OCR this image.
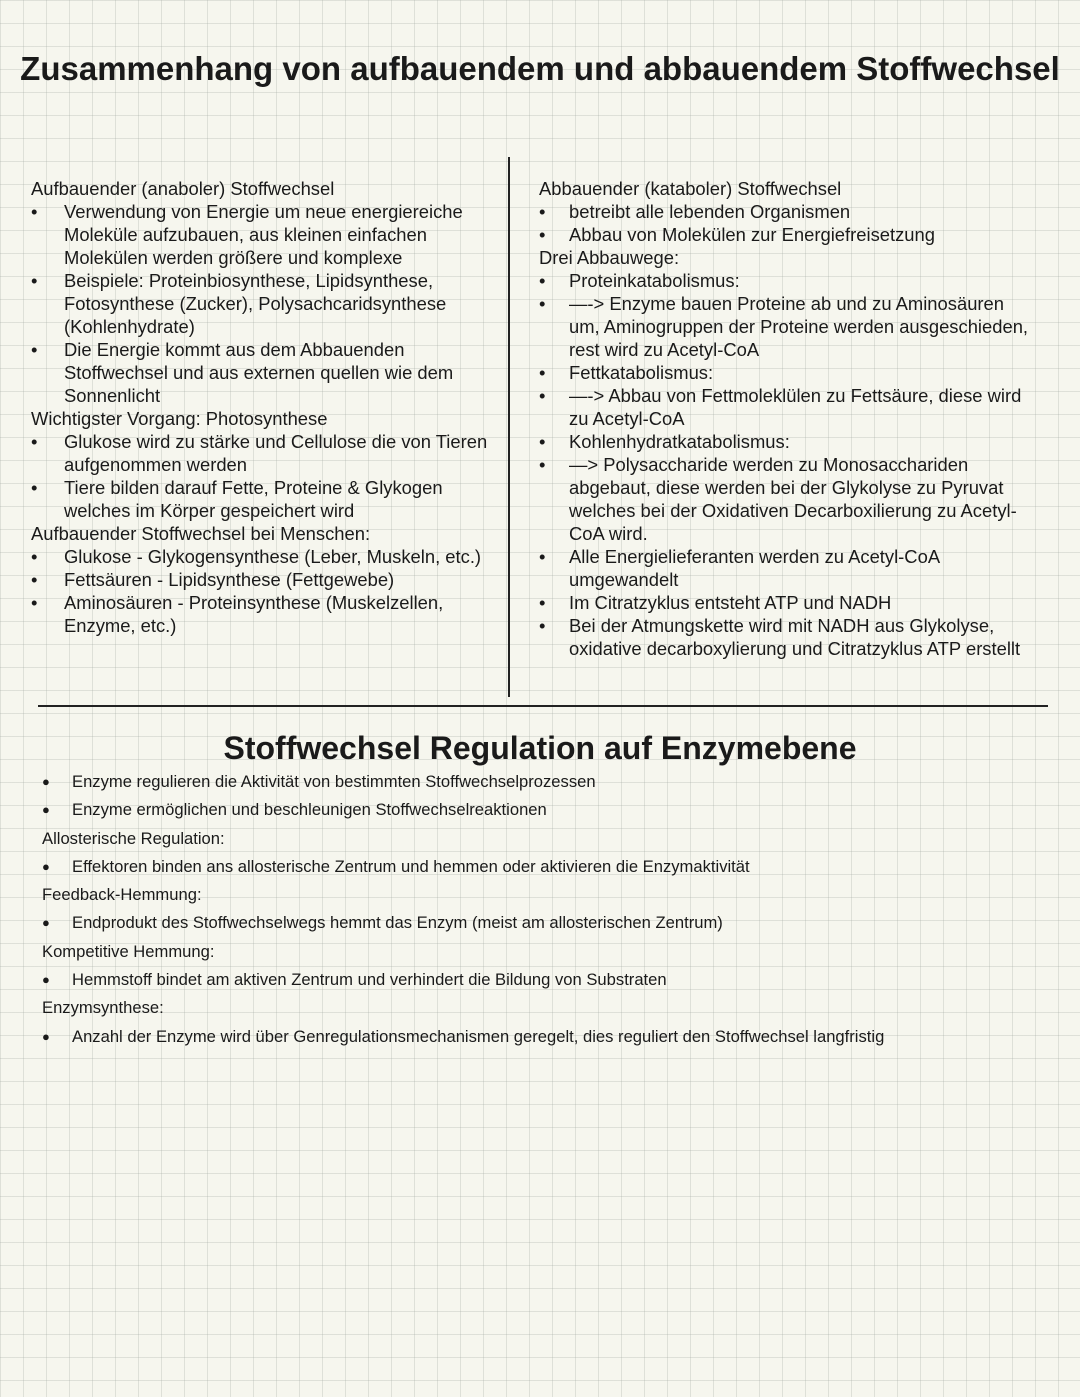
Zusammenhang von aufbauendem und abbauendem Stoffwechsel

Aufbauender (anaboler) Stoffwechsel

• Verwendung von Energie um neue energiereiche Moleküle aufzubauen, aus kleinen einfachen Molekülen werden größere und komplexe
• Beispiele: Proteinbiosynthese, Lipidsynthese, Fotosynthese (Zucker), Polysachcaridsynthese (Kohlenhydrate)
• Die Energie kommt aus dem Abbauenden Stoffwechsel und aus externen quellen wie dem Sonnenlicht

Wichtigster Vorgang: Photosynthese

• Glukose wird zu stärke und Cellulose die von Tieren aufgenommen werden
• Tiere bilden darauf Fette, Proteine & Glykogen welches im Körper gespeichert wird

Aufbauender Stoffwechsel bei Menschen:

• Glukose - Glykogensynthese (Leber, Muskeln, etc.)
• Fettsäuren - Lipidsynthese (Fettgewebe)
• Aminosäuren - Proteinsynthese (Muskelzellen, Enzyme, etc.)

Abbauender (kataboler) Stoffwechsel

• betreibt alle lebenden Organismen
• Abbau von Molekülen zur Energiefreisetzung

Drei Abbauwege:

• Proteinkatabolismus:
• —-> Enzyme bauen Proteine ab und zu Aminosäuren um, Aminogruppen der Proteine werden ausgeschieden, rest wird zu Acetyl-CoA
• Fettkatabolismus:
• —-> Abbau von Fettmoleklülen zu Fettsäure, diese wird zu Acetyl-CoA
• Kohlenhydratkatabolismus:
• —> Polysaccharide werden zu Monosacchariden abgebaut, diese werden bei der Glykolyse zu Pyruvat welches bei der Oxidativen Decarboxilierung zu Acetyl-CoA wird.
• Alle Energielieferanten werden zu Acetyl-CoA umgewandelt
• Im Citratzyklus entsteht ATP und NADH
• Bei der Atmungskette wird mit NADH aus Glykolyse, oxidative decarboxylierung und Citratzyklus ATP erstellt
Stoffwechsel Regulation auf Enzymebene

● Enzyme regulieren die Aktivität von bestimmten Stoffwechselprozessen

● Enzyme ermöglichen und beschleunigen Stoffwechselreaktionen

Allosterische Regulation:

● Effektoren binden ans allosterische Zentrum und hemmen oder aktivieren die Enzymaktivität

Feedback-Hemmung:

● Endprodukt des Stoffwechselwegs hemmt das Enzym (meist am allosterischen Zentrum)

Kompetitive Hemmung:

● Hemmstoff bindet am aktiven Zentrum und verhindert die Bildung von Substraten

Enzymsynthese:

● Anzahl der Enzyme wird über Genregulationsmechanismen geregelt, dies reguliert den Stoffwechsel langfristig
